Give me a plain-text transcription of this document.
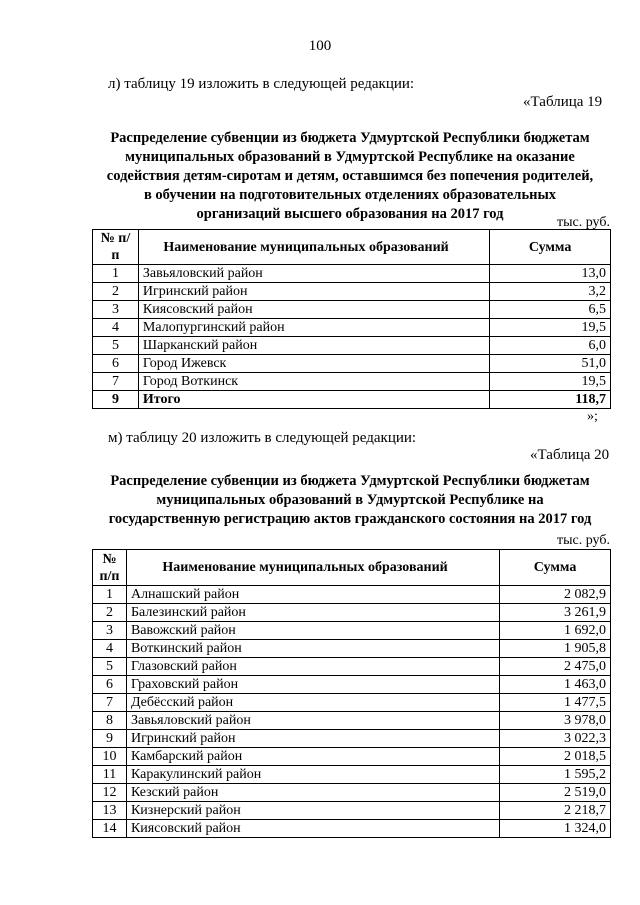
100
л) таблицу 19 изложить в следующей редакции:
«Таблица 19
Распределение субвенции из бюджета Удмуртской Республики бюджетам
муниципальных образований в Удмуртской Республике на оказание
содействия детям-сиротам и детям, оставшимся без попечения родителей,
в обучении на подготовительных отделениях образовательных
организаций высшего образования на 2017 год
тыс. руб.
№ п/п	Наименование муниципальных образований	Сумма
1	Завьяловский район	13,0
2	Игринский район	3,2
3	Киясовский район	6,5
4	Малопургинский район	19,5
5	Шарканский район	6,0
6	Город Ижевск	51,0
7	Город Воткинск	19,5
9	Итого	118,7
»;
м) таблицу 20 изложить в следующей редакции:
«Таблица 20
Распределение субвенции из бюджета Удмуртской Республики бюджетам
муниципальных образований в Удмуртской Республике на
государственную регистрацию актов гражданского состояния на 2017 год
тыс. руб.
№ п/п	Наименование муниципальных образований	Сумма
1	Алнашский район	2 082,9
2	Балезинский район	3 261,9
3	Вавожский район	1 692,0
4	Воткинский район	1 905,8
5	Глазовский район	2 475,0
6	Граховский район	1 463,0
7	Дебёсский район	1 477,5
8	Завьяловский район	3 978,0
9	Игринский район	3 022,3
10	Камбарский район	2 018,5
11	Каракулинский район	1 595,2
12	Кезский район	2 519,0
13	Кизнерский район	2 218,7
14	Киясовский район	1 324,0
